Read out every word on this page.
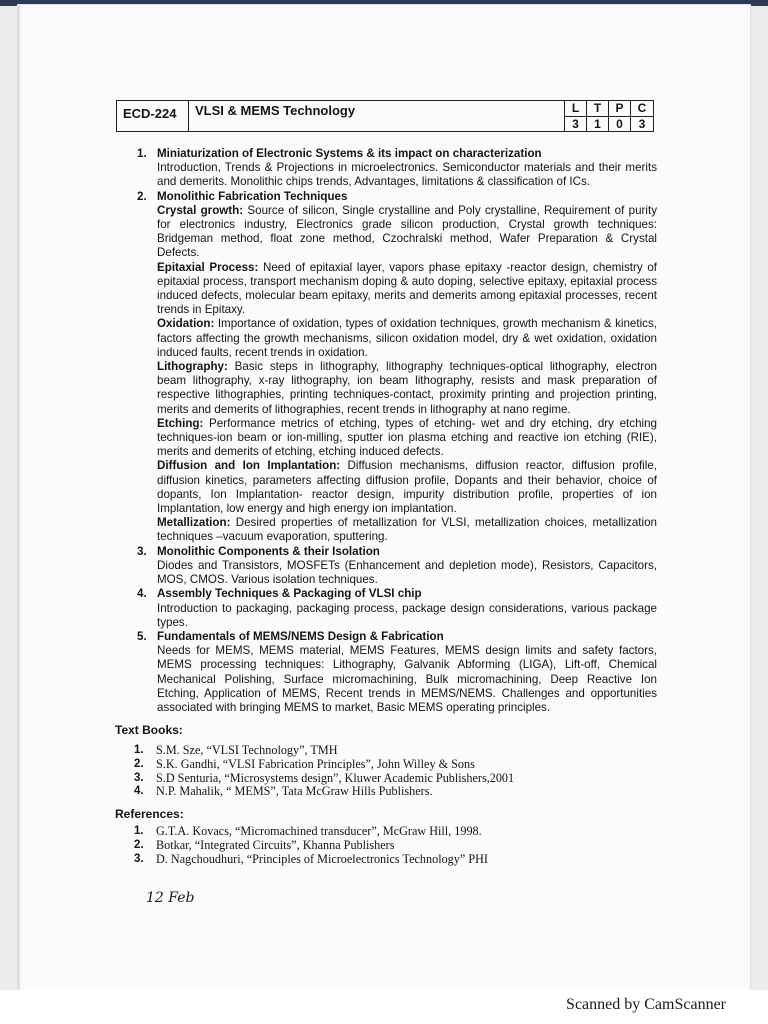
ECD-224	VLSI & MEMS Technology	L
3
T
1
P
0
C
3
1. Miniaturization of Electronic Systems & its impact on characterization
Introduction, Trends & Projections in microelectronics. Semiconductor materials and their merits and demerits. Monolithic chips trends, Advantages, limitations & classification of ICs.
2. Monolithic Fabrication Techniques
Crystal growth: Source of silicon, Single crystalline and Poly crystalline, Requirement of purity for electronics industry, Electronics grade silicon production, Crystal growth techniques: Bridgeman method, float zone method, Czochralski method, Wafer Preparation & Crystal Defects.
Epitaxial Process: Need of epitaxial layer, vapors phase epitaxy -reactor design, chemistry of epitaxial process, transport mechanism doping & auto doping, selective epitaxy, epitaxial process induced defects, molecular beam epitaxy, merits and demerits among epitaxial processes, recent trends in Epitaxy.
Oxidation: Importance of oxidation, types of oxidation techniques, growth mechanism & kinetics, factors affecting the growth mechanisms, silicon oxidation model, dry & wet oxidation, oxidation induced faults, recent trends in oxidation.
Lithography: Basic steps in lithography, lithography techniques-optical lithography, electron beam lithography, x-ray lithography, ion beam lithography, resists and mask preparation of respective lithographies, printing techniques-contact, proximity printing and projection printing, merits and demerits of lithographies, recent trends in lithography at nano regime.
Etching: Performance metrics of etching, types of etching- wet and dry etching, dry etching techniques-ion beam or ion-milling, sputter ion plasma etching and reactive ion etching (RIE), merits and demerits of etching, etching induced defects.
Diffusion and Ion Implantation: Diffusion mechanisms, diffusion reactor, diffusion profile, diffusion kinetics, parameters affecting diffusion profile, Dopants and their behavior, choice of dopants, Ion Implantation- reactor design, impurity distribution profile, properties of ion Implantation, low energy and high energy ion implantation.
Metallization: Desired properties of metallization for VLSI, metallization choices, metallization techniques –vacuum evaporation, sputtering.
3. Monolithic Components & their Isolation
Diodes and Transistors, MOSFETs (Enhancement and depletion mode), Resistors, Capacitors, MOS, CMOS. Various isolation techniques.
4. Assembly Techniques & Packaging of VLSI chip
Introduction to packaging, packaging process, package design considerations, various package types.
5. Fundamentals of MEMS/NEMS Design & Fabrication
Needs for MEMS, MEMS material, MEMS Features, MEMS design limits and safety factors, MEMS processing techniques: Lithography, Galvanik Abforming (LIGA), Lift-off, Chemical Mechanical Polishing, Surface micromachining, Bulk micromachining, Deep Reactive Ion Etching, Application of MEMS, Recent trends in MEMS/NEMS. Challenges and opportunities associated with bringing MEMS to market, Basic MEMS operating principles.
Text Books:
1. S.M. Sze, “VLSI Technology”, TMH
2. S.K. Gandhi, “VLSI Fabrication Principles”, John Willey & Sons
3. S.D Senturia, “Microsystems design”, Kluwer Academic Publishers,2001
4. N.P. Mahalik, “ MEMS”, Tata McGraw Hills Publishers.
References:
1. G.T.A. Kovacs, “Micromachined transducer”, McGraw Hill, 1998.
2. Botkar, “Integrated Circuits”, Khanna Publishers
3. D. Nagchoudhuri, “Principles of Microelectronics Technology” PHI
12 Feb
Scanned by CamScanner
